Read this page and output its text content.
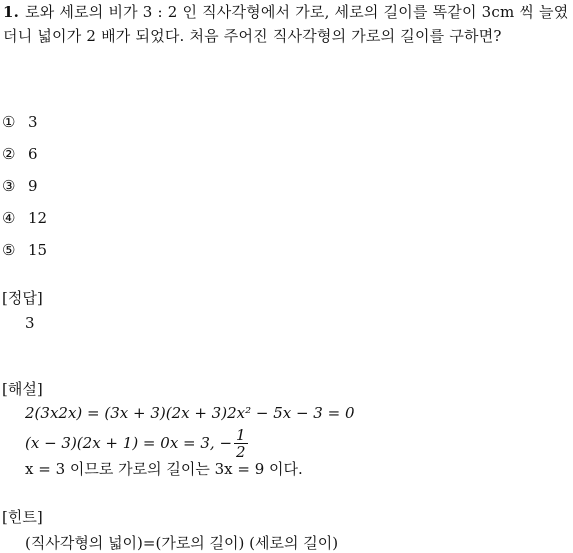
1. 로와 세로의 비가 3 : 2 인 직사각형에서 가로, 세로의 길이를 똑같이 3cm 씩 늘였더니 넓이가 2 배가 되었다. 처음 주어진 직사각형의 가로의 길이를 구하면?
① 3
② 6
③ 9
④ 12
⑤ 15
[정답]
3
[해설]
2(3x2x) = (3x + 3)(2x + 3)2x² − 5x − 3 = 0
(x − 3)(2x + 1) = 0x = 3, − $\frac{1}{2}$
x = 3 이므로 가로의 길이는 3x = 9 이다.
[힌트]
(직사각형의 넓이)=(가로의 길이) (세로의 길이)
